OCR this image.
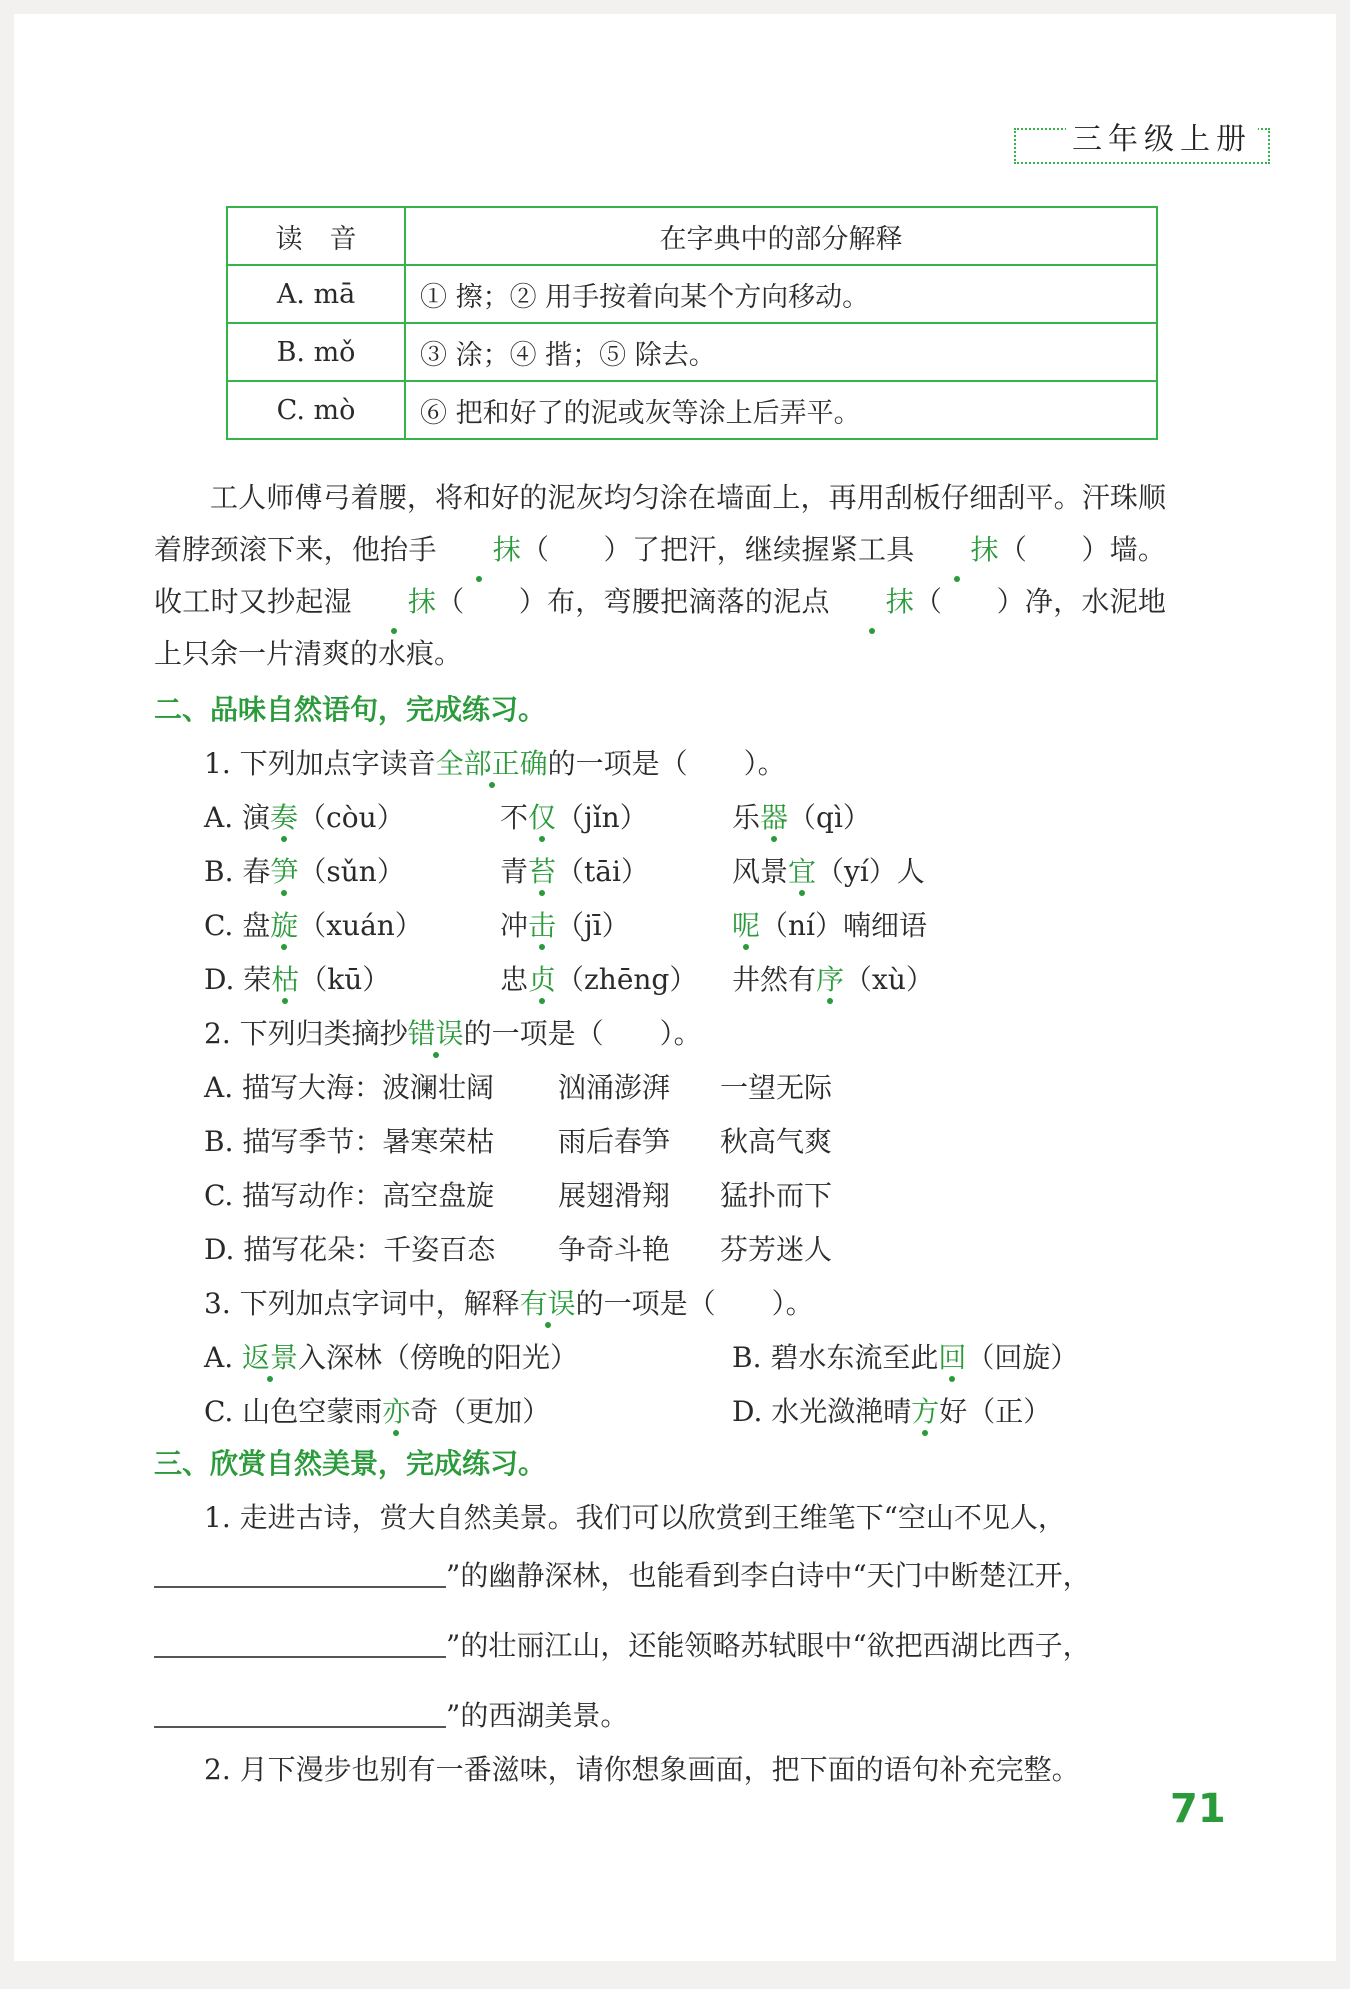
三年级上册
读　音	在字典中的部分解释
A. mā	① 擦；② 用手按着向某个方向移动。
B. mǒ	③ 涂；④ 揩；⑤ 除去。
C. mò	⑥ 把和好了的泥或灰等涂上后弄平。
工人师傅弓着腰，将和好的泥灰均匀涂在墙面上，再用刮板仔细刮平。汗珠顺着脖颈滚下来，他抬手 抹（ ）了把汗，继续握紧工具 抹（ ）墙。收工时又抄起湿 抹（ ）布，弯腰把滴落的泥点 抹（ ）净，水泥地上只余一片清爽的水痕。
二、品味自然语句，完成练习。
1. 下列加点字读音全部正确的一项是（　　）。
A. 演奏（còu）	不仅（jǐn）	乐器（qì）
B. 春笋（sǔn）	青苔（tāi）	风景宜（yí）人
C. 盘旋（xuán）	冲击（jī）	呢（ní）喃细语
D. 荣枯（kū）	忠贞（zhēng） 井然有序（xù）
2. 下列归类摘抄错误的一项是（　　）。
A. 描写大海：波澜壮阔 汹涌澎湃 一望无际
B. 描写季节：暑寒荣枯 雨后春笋 秋高气爽
C. 描写动作：高空盘旋 展翅滑翔 猛扑而下
D. 描写花朵：千姿百态 争奇斗艳 芬芳迷人
3. 下列加点字词中，解释有误的一项是（　　）。
A. 返景入深林（傍晚的阳光）	B. 碧水东流至此回（回旋）
C. 山色空蒙雨亦奇（更加）	D. 水光潋滟晴方好（正）
三、欣赏自然美景，完成练习。
1. 走进古诗，赏大自然美景。我们可以欣赏到王维笔下“空山不见人，
”的幽静深林，也能看到李白诗中“天门中断楚江开，
”的壮丽江山，还能领略苏轼眼中“欲把西湖比西子，
”的西湖美景。
2. 月下漫步也别有一番滋味，请你想象画面，把下面的语句补充完整。
71
